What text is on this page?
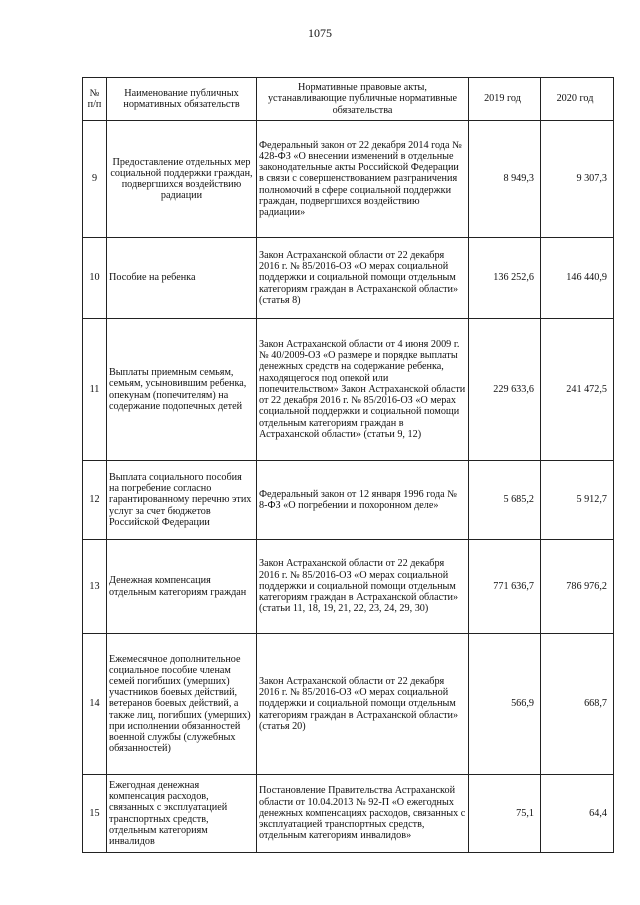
1075
№ п/п	Наименование публичных нормативных обязательств	Нормативные правовые акты, устанавливающие публичные нормативные обязательства	2019 год	2020 год
9	Предоставление отдельных мер социальной поддержки граждан, подвергшихся воздействию радиации	Федеральный закон от 22 декабря 2014 года № 428-ФЗ «О внесении изменений в отдельные законодательные акты Российской Федерации в связи с совершенствованием разграничения полномочий в сфере социальной поддержки граждан, подвергшихся воздействию радиации»	8 949,3	9 307,3
10	Пособие на ребенка	Закон Астраханской области от 22 декабря 2016 г. № 85/2016-ОЗ «О мерах социальной поддержки и социальной помощи отдельным категориям граждан в Астраханской области» (статья 8)	136 252,6	146 440,9
11	Выплаты приемным семьям, семьям, усыновившим ребенка, опекунам (попечителям) на содержание подопечных детей	Закон Астраханской области от 4 июня 2009 г. № 40/2009-ОЗ «О размере и порядке выплаты денежных средств на содержание ребенка, находящегося под опекой или попечительством» Закон Астраханской области от 22 декабря 2016 г. № 85/2016-ОЗ «О мерах социальной поддержки и социальной помощи отдельным категориям граждан в Астраханской области» (статьи 9, 12)	229 633,6	241 472,5
12	Выплата социального пособия на погребение согласно гарантированному перечню этих услуг за счет бюджетов Российской Федерации	Федеральный закон от 12 января 1996 года № 8-ФЗ «О погребении и похоронном деле»	5 685,2	5 912,7
13	Денежная компенсация отдельным категориям граждан	Закон Астраханской области от 22 декабря 2016 г. № 85/2016-ОЗ «О мерах социальной поддержки и социальной помощи отдельным категориям граждан в Астраханской области» (статьи 11, 18, 19, 21, 22, 23, 24, 29, 30)	771 636,7	786 976,2
14	Ежемесячное дополнительное социальное пособие членам семей погибших (умерших) участников боевых действий, ветеранов боевых действий, а также лиц, погибших (умерших) при исполнении обязанностей военной службы (служебных обязанностей)	Закон Астраханской области от 22 декабря 2016 г. № 85/2016-ОЗ «О мерах социальной поддержки и социальной помощи отдельным категориям граждан в Астраханской области» (статья 20)	566,9	668,7
15	Ежегодная денежная компенсация расходов, связанных с эксплуатацией транспортных средств, отдельным категориям инвалидов	Постановление Правительства Астраханской области от 10.04.2013 № 92-П «О ежегодных денежных компенсациях расходов, связанных с эксплуатацией транспортных средств, отдельным категориям инвалидов»	75,1	64,4
